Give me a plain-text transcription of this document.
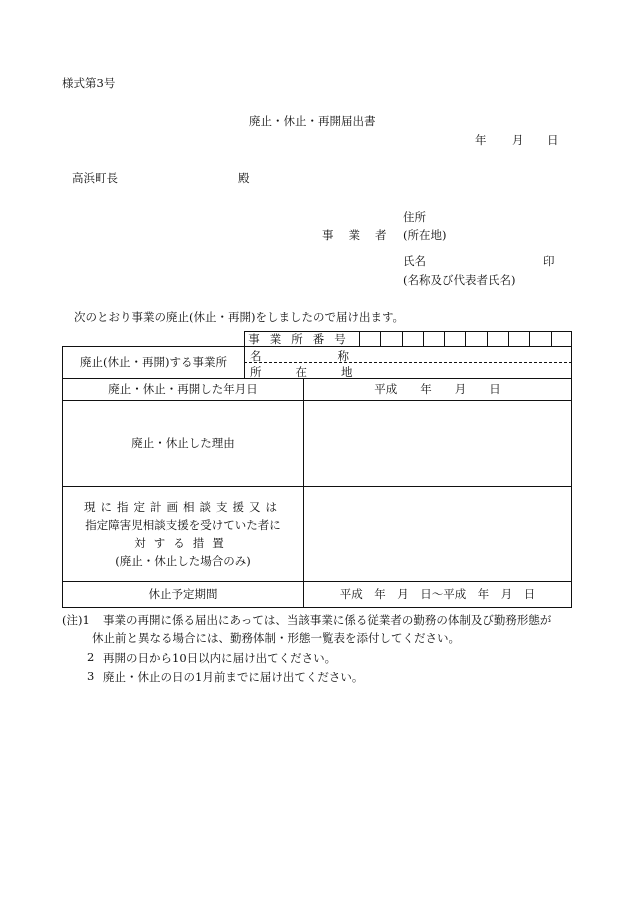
様式第3号
廃止・休止・再開届出書
年 月 日
高浜町長	殿
住所
事業者 (所在地)
氏名	印
(名称及び代表者氏名)
次のとおり事業の廃止(休止・再開)をしましたので届け出ます。
事業所番号
廃止(休止・再開)する事業所	名称
所在地
廃止・休止・再開した年月日	平成　　年　　月　　日
廃止・休止した理由
現に指定計画相談支援又は
指定障害児相談支援を受けていた者に
対する措置
(廃止・休止した場合のみ)
休止予定期間	平成　年　月　日～平成　年　月　日
(注)1 事業の再開に係る届出にあっては、当該事業に係る従業者の勤務の体制及び勤務形態が
休止前と異なる場合には、勤務体制・形態一覧表を添付してください。
2 再開の日から10日以内に届け出てください。
3 廃止・休止の日の1月前までに届け出てください。
